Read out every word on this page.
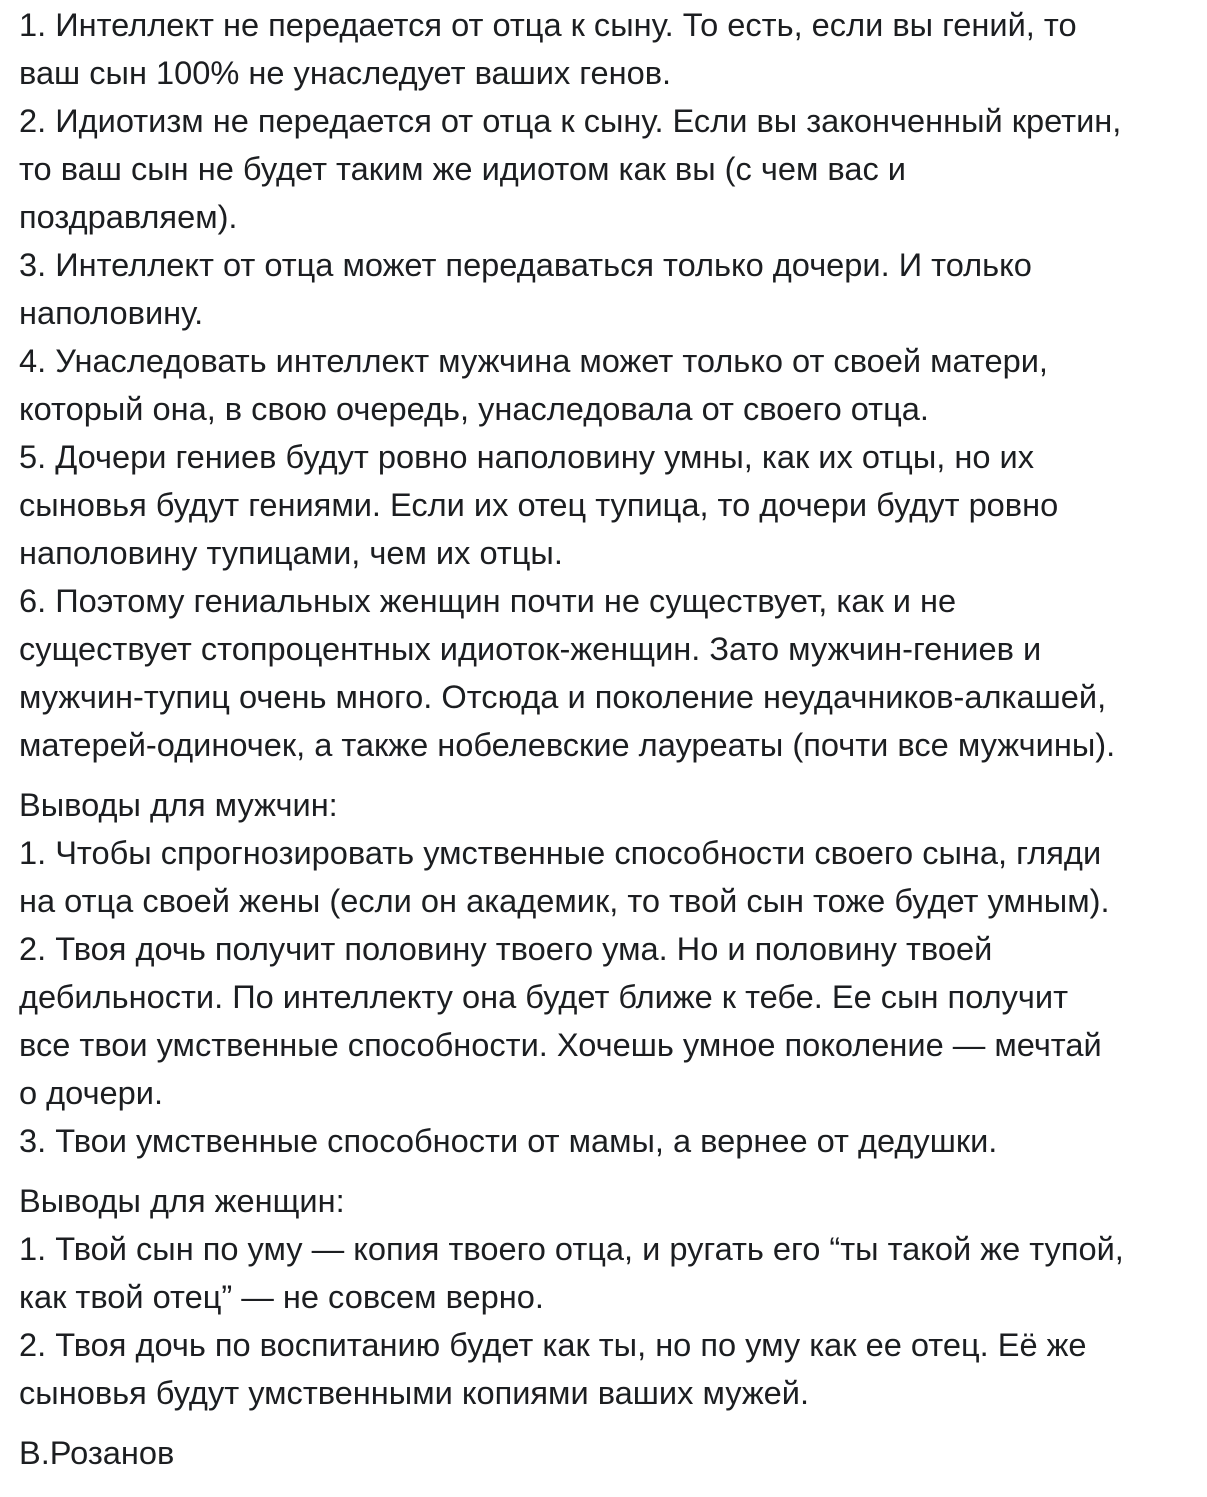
1. Интеллект не передается от отца к сыну. То есть, если вы гений, то
ваш сын 100% не унаследует ваших генов.
2. Идиотизм не передается от отца к сыну. Если вы законченный кретин,
то ваш сын не будет таким же идиотом как вы (с чем вас и
поздравляем).
3. Интеллект от отца может передаваться только дочери. И только
наполовину.
4. Унаследовать интеллект мужчина может только от своей матери,
который она, в свою очередь, унаследовала от своего отца.
5. Дочери гениев будут ровно наполовину умны, как их отцы, но их
сыновья будут гениями. Если их отец тупица, то дочери будут ровно
наполовину тупицами, чем их отцы.
6. Поэтому гениальных женщин почти не существует, как и не
существует стопроцентных идиоток-женщин. Зато мужчин-гениев и
мужчин-тупиц очень много. Отсюда и поколение неудачников-алкашей,
матерей-одиночек, а также нобелевские лауреаты (почти все мужчины).
Выводы для мужчин:
1. Чтобы спрогнозировать умственные способности своего сына, гляди
на отца своей жены (если он академик, то твой сын тоже будет умным).
2. Твоя дочь получит половину твоего ума. Но и половину твоей
дебильности. По интеллекту она будет ближе к тебе. Ее сын получит
все твои умственные способности. Хочешь умное поколение — мечтай
о дочери.
3. Твои умственные способности от мамы, а вернее от дедушки.
Выводы для женщин:
1. Твой сын по уму — копия твоего отца, и ругать его “ты такой же тупой,
как твой отец” — не совсем верно.
2. Твоя дочь по воспитанию будет как ты, но по уму как ее отец. Её же
сыновья будут умственными копиями ваших мужей.
В.Розанов
